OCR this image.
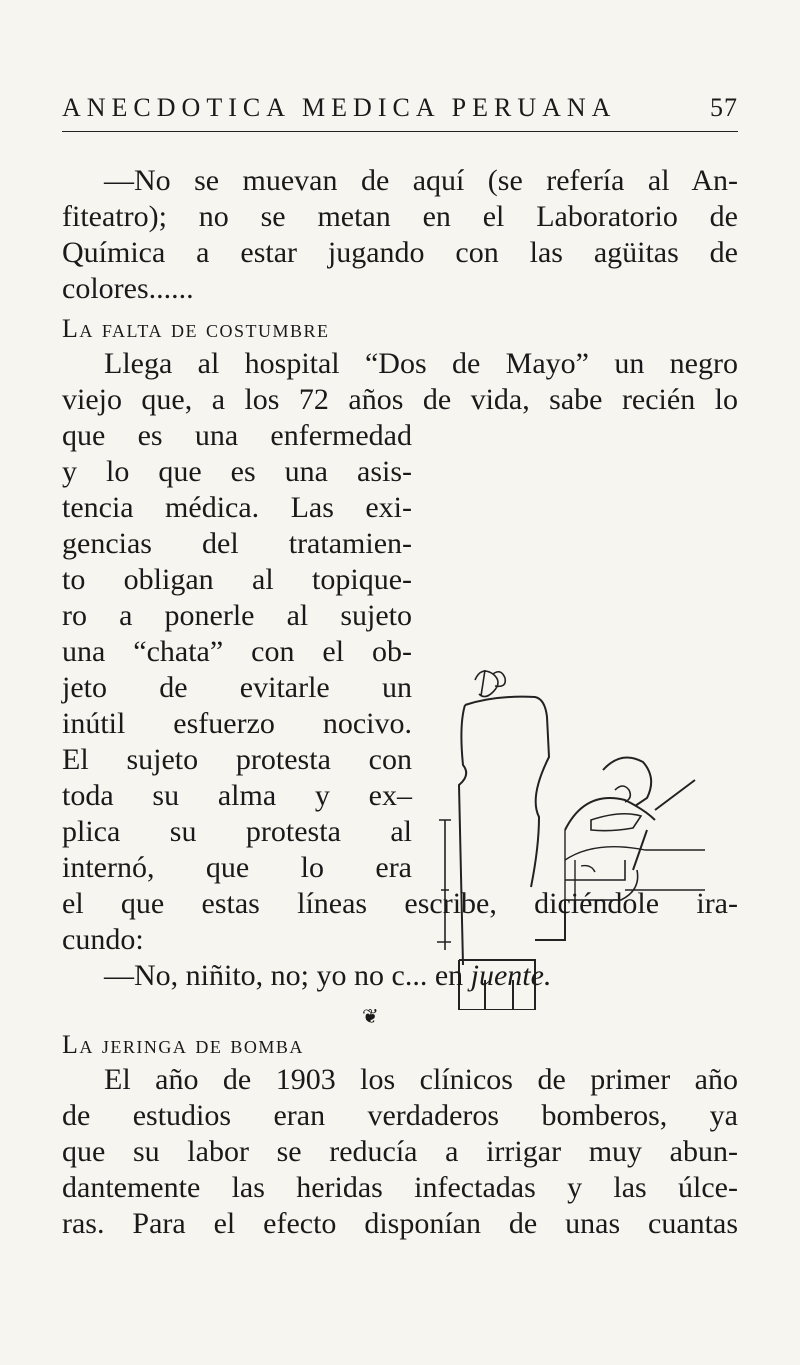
ANECDOTICA MEDICA PERUANA	57
—No se muevan de aquí (se refería al An-
fiteatro); no se metan en el Laboratorio de
Química a estar jugando con las agüitas de
colores......
La falta de costumbre
Llega al hospital “Dos de Mayo” un negro
viejo que, a los 72 años de vida, sabe recién lo
que es una enfermedad
y lo que es una asis-
tencia médica. Las exi-
gencias del tratamien-
to obligan al topique-
ro a ponerle al sujeto
una “chata” con el ob-
jeto de evitarle un
inútil esfuerzo nocivo.
El sujeto protesta con
toda su alma y ex–
plica su protesta al
internó, que lo era
el que estas líneas escribe, diciéndole ira-
cundo:
—No, niñito, no; yo no c... en juente.
❦
La jeringa de bomba
El año de 1903 los clínicos de primer año
de estudios eran verdaderos bomberos, ya
que su labor se reducía a irrigar muy abun-
dantemente las heridas infectadas y las úlce-
ras. Para el efecto disponían de unas cuantas
